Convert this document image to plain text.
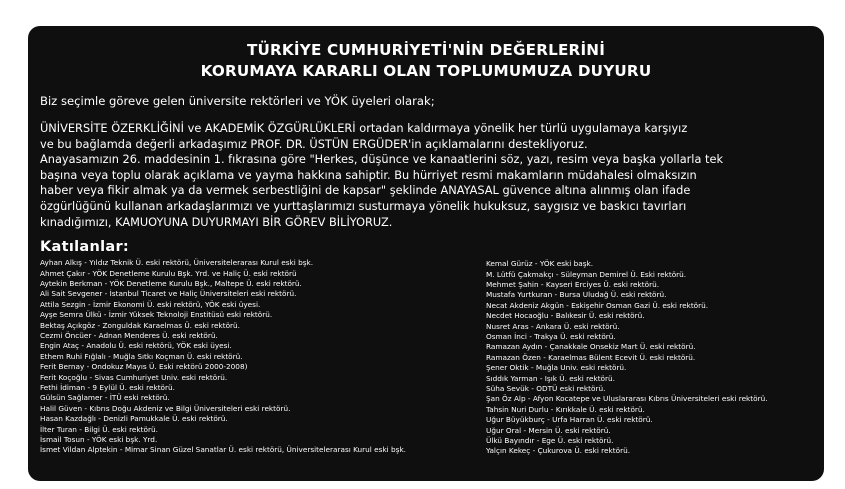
TÜRKİYE CUMHURİYETİ'NİN DEĞERLERİNİ
KORUMAYA KARARLI OLAN TOPLUMUMUZA DUYURU
Biz seçimle göreve gelen üniversite rektörleri ve YÖK üyeleri olarak;
ÜNİVERSİTE ÖZERKLİĞİNİ ve AKADEMİK ÖZGÜRLÜKLERİ ortadan kaldırmaya yönelik her türlü uygulamaya karşıyız
ve bu bağlamda değerli arkadaşımız PROF. DR. ÜSTÜN ERGÜDER'in açıklamalarını destekliyoruz.
Anayasamızın 26. maddesinin 1. fıkrasına göre "Herkes, düşünce ve kanaatlerini söz, yazı, resim veya başka yollarla tek
başına veya toplu olarak açıklama ve yayma hakkına sahiptir. Bu hürriyet resmi makamların müdahalesi olmaksızın
haber veya fikir almak ya da vermek serbestliğini de kapsar" şeklinde ANAYASAL güvence altına alınmış olan ifade
özgürlüğünü kullanan arkadaşlarımızı ve yurttaşlarımızı susturmaya yönelik hukuksuz, saygısız ve baskıcı tavırları
kınadığımızı, KAMUOYUNA DUYURMAYI BİR GÖREV BİLİYORUZ.
Katılanlar:
Ayhan Alkış - Yıldız Teknik Ü. eski rektörü, Üniversitelerarası Kurul eski bşk.
Ahmet Çakır - YÖK Denetleme Kurulu Bşk. Yrd. ve Haliç Ü. eski rektörü
Aytekin Berkman - YÖK Denetleme Kurulu Bşk., Maltepe Ü. eski rektörü.
Ali Sait Sevgener - İstanbul Ticaret ve Haliç Üniversiteleri eski rektörü.
Attila Sezgin - İzmir Ekonomi Ü. eski rektörü, YÖK eski üyesi.
Ayşe Semra Ülkü - İzmir Yüksek Teknoloji Enstitüsü eski rektörü.
Bektaş Açıkgöz - Zonguldak Karaelmas Ü. eski rektörü.
Cezmi Öncüer - Adnan Menderes Ü. eski rektörü.
Engin Ataç - Anadolu Ü. eski rektörü, YÖK eski üyesi.
Ethem Ruhi Fığlalı - Muğla Sıtkı Koçman Ü. eski rektörü.
Ferit Bernay - Ondokuz Mayıs Ü. Eski rektörü 2000-2008)
Ferit Koçoğlu - Sivas Cumhuriyet Univ. eski rektörü.
Fethi İdiman - 9 Eylül Ü. eski rektörü.
Gülsün Sağlamer - İTÜ eski rektörü.
Halil Güven - Kıbrıs Doğu Akdeniz ve Bilgi Üniversiteleri eski rektörü.
Hasan Kazdağlı - Denizli Pamukkale Ü. eski rektörü.
İlter Turan - Bilgi Ü. eski rektörü.
İsmail Tosun - YÖK eski bşk. Yrd.
İsmet Vildan Alptekin - Mimar Sinan Güzel Sanatlar Ü. eski rektörü, Üniversitelerarası Kurul eski bşk.
Kemal Gürüz - YÖK eski başk.
M. Lütfü Çakmakçı - Süleyman Demirel Ü. Eski rektörü.
Mehmet Şahin - Kayseri Erciyes Ü. eski rektörü.
Mustafa Yurtkuran - Bursa Uludağ Ü. eski rektörü.
Necat Akdeniz Akgün - Eskişehir Osman Gazi Ü. eski rektörü.
Necdet Hocaoğlu - Balıkesir Ü. eski rektörü.
Nusret Aras - Ankara Ü. eski rektörü.
Osman İnci - Trakya Ü. eski rektörü.
Ramazan Aydın - Çanakkale Onsekiz Mart Ü. eski rektörü.
Ramazan Özen - Karaelmas Bülent Ecevit Ü. eski rektörü.
Şener Oktik - Muğla Univ. eski rektörü.
Sıddık Yarman - Işık Ü. eski rektörü.
Süha Sevük - ODTÜ eski rektörü.
Şan Öz Alp - Afyon Kocatepe ve Uluslararası Kıbrıs Üniversiteleri eski rektörü.
Tahsin Nuri Durlu - Kırıkkale Ü. eski rektörü.
Uğur Büyükburç - Urfa Harran Ü. eski rektörü.
Uğur Oral - Mersin Ü. eski rektörü.
Ülkü Bayındır - Ege Ü. eski rektörü.
Yalçın Kekeç - Çukurova Ü. eski rektörü.
